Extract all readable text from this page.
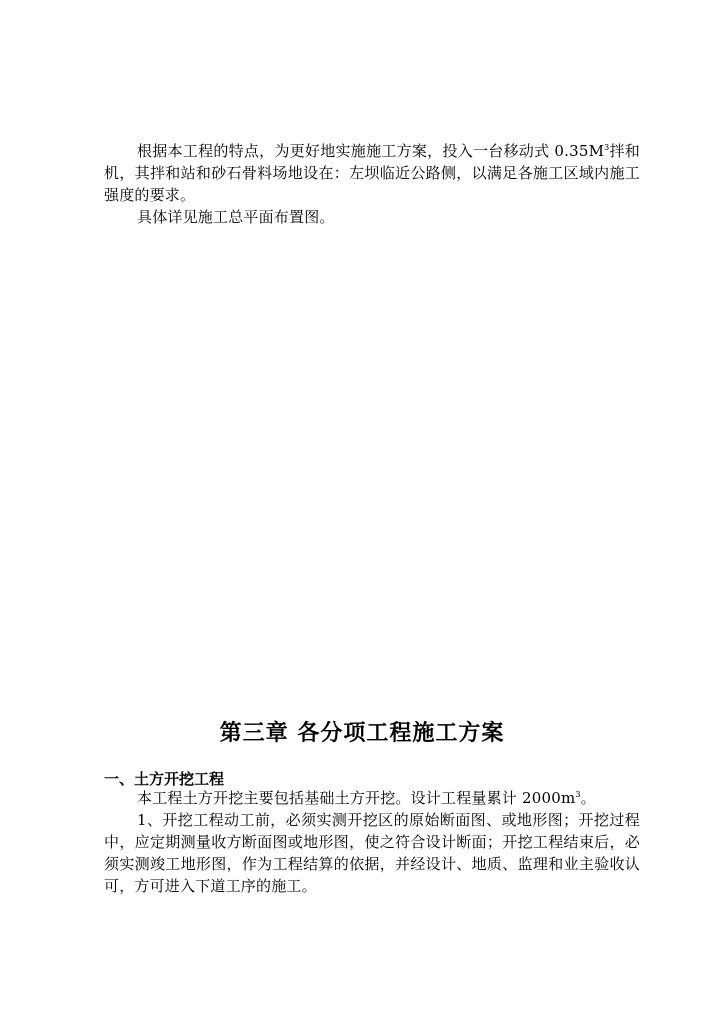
根据本工程的特点，为更好地实施施工方案，投入一台移动式 $0.35M^3$拌和机，其拌和站和砂石骨料场地设在：左坝临近公路侧，以满足各施工区域内施工强度的要求。

具体详见施工总平面布置图。

第三章 各分项工程施工方案
一、土方开挖工程

本工程土方开挖主要包括基础土方开挖。设计工程量累计 $2000m^3$。

1、开挖工程动工前，必须实测开挖区的原始断面图、或地形图；开挖过程中，应定期测量收方断面图或地形图，使之符合设计断面；开挖工程结束后，必须实测竣工地形图，作为工程结算的依据，并经设计、地质、监理和业主验收认可，方可进入下道工序的施工。
